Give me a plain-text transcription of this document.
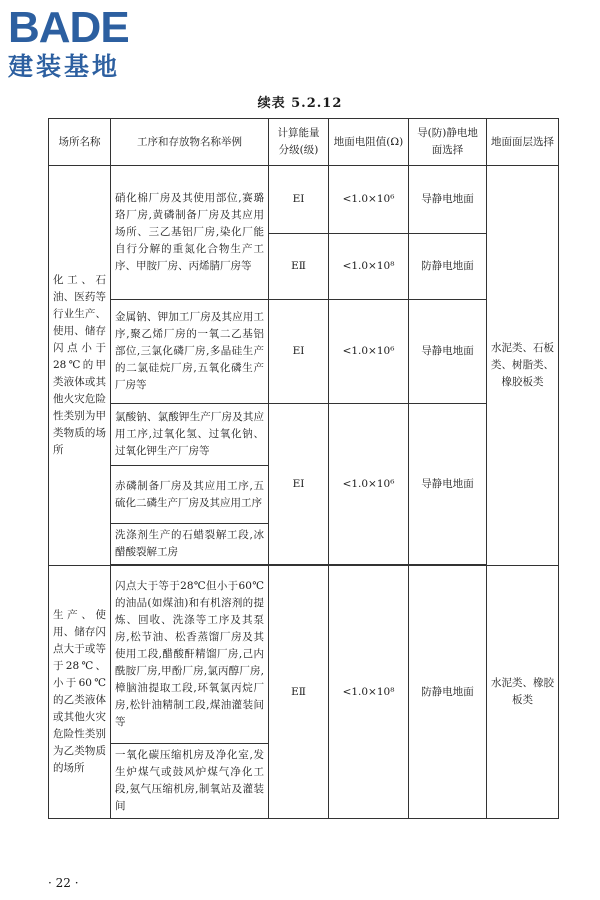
BADE
建装基地
续表 5.2.12
场所名称	工序和存放物名称举例	计算能量分级(级)	地面电阻值(Ω)	导(防)静电地面选择	地面面层选择
化工、石油、医药等行业生产、使用、储存闪点小于28℃的甲类液体或其他火灾危险性类别为甲类物质的场所	硝化棉厂房及其使用部位,赛璐珞厂房,黄磷制备厂房及其应用场所、三乙基铝厂房,染化厂能自行分解的重氮化合物生产工序、甲胺厂房、丙烯腈厂房等	EⅠ	<1.0×10⁶	导静电地面	水泥类、石板类、树脂类、橡胶板类
		EⅡ	<1.0×10⁸	防静电地面	
	金属钠、钾加工厂房及其应用工序,聚乙烯厂房的一氧二乙基铝部位,三氯化磷厂房,多晶硅生产的二氯硅烷厂房,五氧化磷生产厂房等	EⅠ	<1.0×10⁶	导静电地面	
	氯酸钠、氯酸钾生产厂房及其应用工序,过氧化氢、过氧化钠、过氧化钾生产厂房等	EⅠ	<1.0×10⁶	导静电地面	
	赤磷制备厂房及其应用工序,五硫化二磷生产厂房及其应用工序				
	洗涤剂生产的石蜡裂解工段,冰醋酸裂解工房				

生产、使用、储存闪点大于或等于28℃、小于60℃的乙类液体或其他火灾危险性类别为乙类物质的场所	闪点大于等于28℃但小于60℃的油品(如煤油)和有机溶剂的提炼、回收、洗涤等工序及其泵房,松节油、松香蒸馏厂房及其使用工段,醋酸酐精馏厂房,己内酰胺厂房,甲酚厂房,氯丙醇厂房,樟脑油提取工段,环氧氯丙烷厂房,松针油精制工段,煤油灌装间等	EⅡ	<1.0×10⁸	防静电地面	水泥类、橡胶板类
	一氧化碳压缩机房及净化室,发生炉煤气或鼓风炉煤气净化工段,氨气压缩机房,制氧站及灌装间				
· 22 ·
